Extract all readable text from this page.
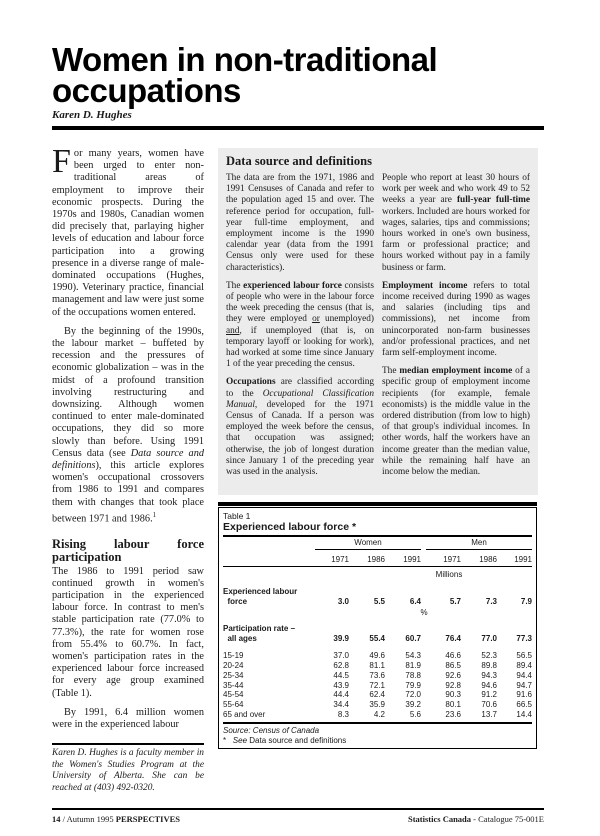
Women in non-traditional
occupations
Karen D. Hughes

For many years, women have been urged to enter non-traditional areas of employment to improve their economic prospects. During the 1970s and 1980s, Canadian women did precisely that, parlaying higher levels of education and labour force participation into a growing presence in a diverse range of male-dominated occupations (Hughes, 1990). Veterinary practice, financial management and law were just some of the occupations women entered.

By the beginning of the 1990s, the labour market – buffeted by recession and the pressures of economic globalization – was in the midst of a profound transition involving restructuring and downsizing. Although women continued to enter male-dominated occupations, they did so more slowly than before. Using 1991 Census data (see Data source and definitions), this article explores women's occupational crossovers from 1986 to 1991 and compares them with changes that took place between 1971 and 1986.$^1$

Rising labour force participation

The 1986 to 1991 period saw continued growth in women's participation in the experienced labour force. In contrast to men's stable participation rate (77.0% to 77.3%), the rate for women rose from 55.4% to 60.7%. In fact, women's participation rates in the experienced labour force increased for every age group examined (Table 1).

By 1991, 6.4 million women were in the experienced labour

Karen D. Hughes is a faculty member in the Women's Studies Program at the University of Alberta. She can be reached at (403) 492-0320.
Data source and definitions

The data are from the 1971, 1986 and 1991 Censuses of Canada and refer to the population aged 15 and over. The reference period for occupation, full-year full-time employment, and employment income is the 1990 calendar year (data from the 1991 Census only were used for these characteristics).

The experienced labour force consists of people who were in the labour force the week preceding the census (that is, they were employed or unemployed) and, if unemployed (that is, on temporary layoff or looking for work), had worked at some time since January 1 of the year preceding the census.

Occupations are classified according to the Occupational Classification Manual, developed for the 1971 Census of Canada. If a person was employed the week before the census, that occupation was assigned; otherwise, the job of longest duration since January 1 of the preceding year was used in the analysis.

People who report at least 30 hours of work per week and who work 49 to 52 weeks a year are full-year full-time workers. Included are hours worked for wages, salaries, tips and commissions; hours worked in one's own business, farm or professional practice; and hours worked without pay in a family business or farm.

Employment income refers to total income received during 1990 as wages and salaries (including tips and commissions), net income from unincorporated non-farm businesses and/or professional practices, and net farm self-employment income.

The median employment income of a specific group of employment income recipients (for example, female economists) is the middle value in the ordered distribution (from low to high) of that group's individual incomes. In other words, half the workers have an income greater than the median value, while the remaining half have an income below the median.

Table 1
Experienced labour force *
Women	Men
1971	1986	1991	1971	1986	1991
Millions
Experienced labour
force	3.0	5.5	6.4	5.7	7.3	7.9
%
Participation rate –
all ages	39.9	55.4	60.7	76.4	77.0	77.3
15-19	37.0	49.6	54.3	46.6	52.3	56.5
20-24	62.8	81.1	81.9	86.5	89.8	89.4
25-34	44.5	73.6	78.8	92.6	94.3	94.4
35-44	43.9	72.1	79.9	92.8	94.6	94.7
45-54	44.4	62.4	72.0	90.3	91.2	91.6
55-64	34.4	35.9	39.2	80.1	70.6	66.5
65 and over	8.3	4.2	5.6	23.6	13.7	14.4
Source: Census of Canada
* See Data source and definitions
14 / Autumn 1995 PERSPECTIVES	Statistics Canada - Catalogue 75-001E
